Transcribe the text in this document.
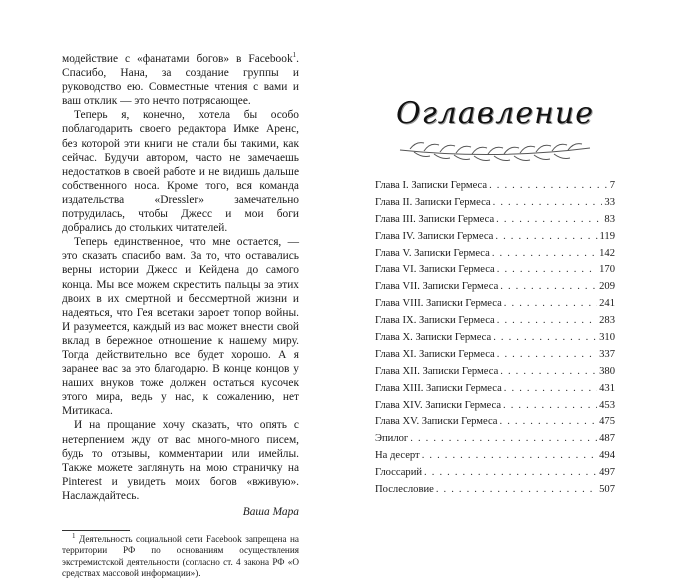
модействие с «фанатами богов» в Facebook$^1$. Спасибо, Нана, за создание группы и руководство ею. Совместные чтения с вами и ваш отклик — это нечто потрясающее.

Теперь я, конечно, хотела бы особо поблагодарить своего редактора Имке Аренс, без которой эти книги не стали бы такими, как сейчас. Будучи автором, часто не замечаешь недостатков в своей работе и не видишь дальше собственного носа. Кроме того, вся команда издательства «Dressler» замечательно потрудилась, чтобы Джесс и мои боги добрались до стольких читателей.

Теперь единственное, что мне остается, — это сказать спасибо вам. За то, что оставались верны истории Джесс и Кейдена до самого конца. Мы все можем скрестить пальцы за этих двоих в их смертной и бессмертной жизни и надеяться, что Гея всетаки зароет топор войны. И разумеется, каждый из вас может внести свой вклад в бережное отношение к нашему миру. Тогда действительно все будет хорошо. А я заранее вас за это благодарю. В конце концов у наших внуков тоже должен остаться кусочек этого мира, ведь у нас, к сожалению, нет Митикаса.

И на прощание хочу сказать, что опять с нетерпением жду от вас много-много писем, будь то отзывы, комментарии или имейлы. Также можете заглянуть на мою страничку на Pinterest и увидеть моих богов «вживую». Наслаждайтесь.

Ваша Мара
$^1$ Деятельность социальной сети Facebook запрещена на территории РФ по основаниям осуществления экстремистской деятельности (согласно ст. 4 закона РФ «О средствах массовой информации»).
Оглавление
Глава I. Записки Гермеса . . .	7
Глава II. Записки Гермеса . . .	33
Глава III. Записки Гермеса . . .	83
Глава IV. Записки Гермеса . . .	119
Глава V. Записки Гермеса . . .	142
Глава VI. Записки Гермеса . . .	170
Глава VII. Записки Гермеса . . .	209
Глава VIII. Записки Гермеса . . .	241
Глава IX. Записки Гермеса . . .	283
Глава X. Записки Гермеса . . .	310
Глава XI. Записки Гермеса . . .	337
Глава XII. Записки Гермеса . . .	380
Глава XIII. Записки Гермеса . . .	431
Глава XIV. Записки Гермеса . . .	453
Глава XV. Записки Гермеса . . .	475
Эпилог . . .	487
На десерт . . .	494
Глоссарий . . .	497
Послесловие . . .	507
